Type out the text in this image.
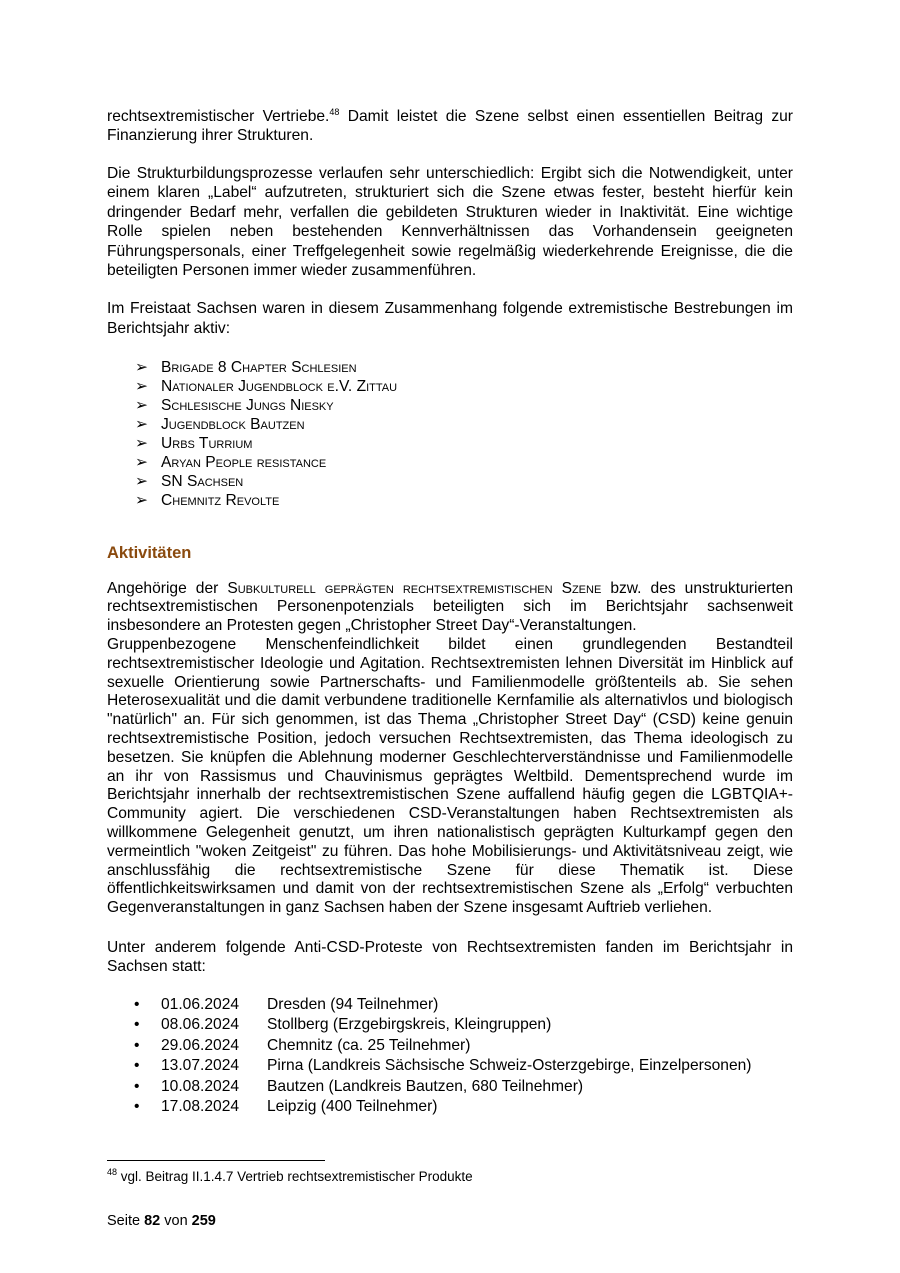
rechtsextremistischer Vertriebe.$^{48}$ Damit leistet die Szene selbst einen essentiellen Beitrag zur Finanzierung ihrer Strukturen.

Die Strukturbildungsprozesse verlaufen sehr unterschiedlich: Ergibt sich die Notwendigkeit, unter einem klaren „Label“ aufzutreten, strukturiert sich die Szene etwas fester, besteht hierfür kein dringender Bedarf mehr, verfallen die gebildeten Strukturen wieder in Inaktivität. Eine wichtige Rolle spielen neben bestehenden Kennverhältnissen das Vorhandensein geeigneten Führungspersonals, einer Treffgelegenheit sowie regelmäßig wiederkehrende Ereignisse, die die beteiligten Personen immer wieder zusammenführen.

Im Freistaat Sachsen waren in diesem Zusammenhang folgende extremistische Bestrebungen im Berichtsjahr aktiv:

➢ Brigade 8 Chapter Schlesien
➢ Nationaler Jugendblock e.V. Zittau
➢ Schlesische Jungs Niesky
➢ Jugendblock Bautzen
➢ Urbs Turrium
➢ Aryan People resistance
➢ SN Sachsen
➢ Chemnitz Revolte
Aktivitäten

Angehörige der Subkulturell geprägten rechtsextremistischen Szene bzw. des unstrukturierten rechtsextremistischen Personenpotenzials beteiligten sich im Berichtsjahr sachsenweit insbesondere an Protesten gegen „Christopher Street Day“-Veranstaltungen.

Gruppenbezogene Menschenfeindlichkeit bildet einen grundlegenden Bestandteil rechtsextremistischer Ideologie und Agitation. Rechtsextremisten lehnen Diversität im Hinblick auf sexuelle Orientierung sowie Partnerschafts- und Familienmodelle größtenteils ab. Sie sehen Heterosexualität und die damit verbundene traditionelle Kernfamilie als alternativlos und biologisch "natürlich" an. Für sich genommen, ist das Thema „Christopher Street Day“ (CSD) keine genuin rechtsextremistische Position, jedoch versuchen Rechtsextremisten, das Thema ideologisch zu besetzen. Sie knüpfen die Ablehnung moderner Geschlechterverständnisse und Familienmodelle an ihr von Rassismus und Chauvinismus geprägtes Weltbild. Dementsprechend wurde im Berichtsjahr innerhalb der rechtsextremistischen Szene auffallend häufig gegen die LGBTQIA+-Community agiert. Die verschiedenen CSD-Veranstaltungen haben Rechtsextremisten als willkommene Gelegenheit genutzt, um ihren nationalistisch geprägten Kulturkampf gegen den vermeintlich "woken Zeitgeist" zu führen. Das hohe Mobilisierungs- und Aktivitätsniveau zeigt, wie anschlussfähig die rechtsextremistische Szene für diese Thematik ist. Diese öffentlichkeitswirksamen und damit von der rechtsextremistischen Szene als „Erfolg“ verbuchten Gegenveranstaltungen in ganz Sachsen haben der Szene insgesamt Auftrieb verliehen.

Unter anderem folgende Anti-CSD-Proteste von Rechtsextremisten fanden im Berichtsjahr in Sachsen statt:

• 01.06.2024 Dresden (94 Teilnehmer)
• 08.06.2024 Stollberg (Erzgebirgskreis, Kleingruppen)
• 29.06.2024 Chemnitz (ca. 25 Teilnehmer)
• 13.07.2024 Pirna (Landkreis Sächsische Schweiz-Osterzgebirge, Einzelpersonen)
• 10.08.2024 Bautzen (Landkreis Bautzen, 680 Teilnehmer)
• 17.08.2024 Leipzig (400 Teilnehmer)
$^{48}$ vgl. Beitrag II.1.4.7 Vertrieb rechtsextremistischer Produkte
Seite 82 von 259
